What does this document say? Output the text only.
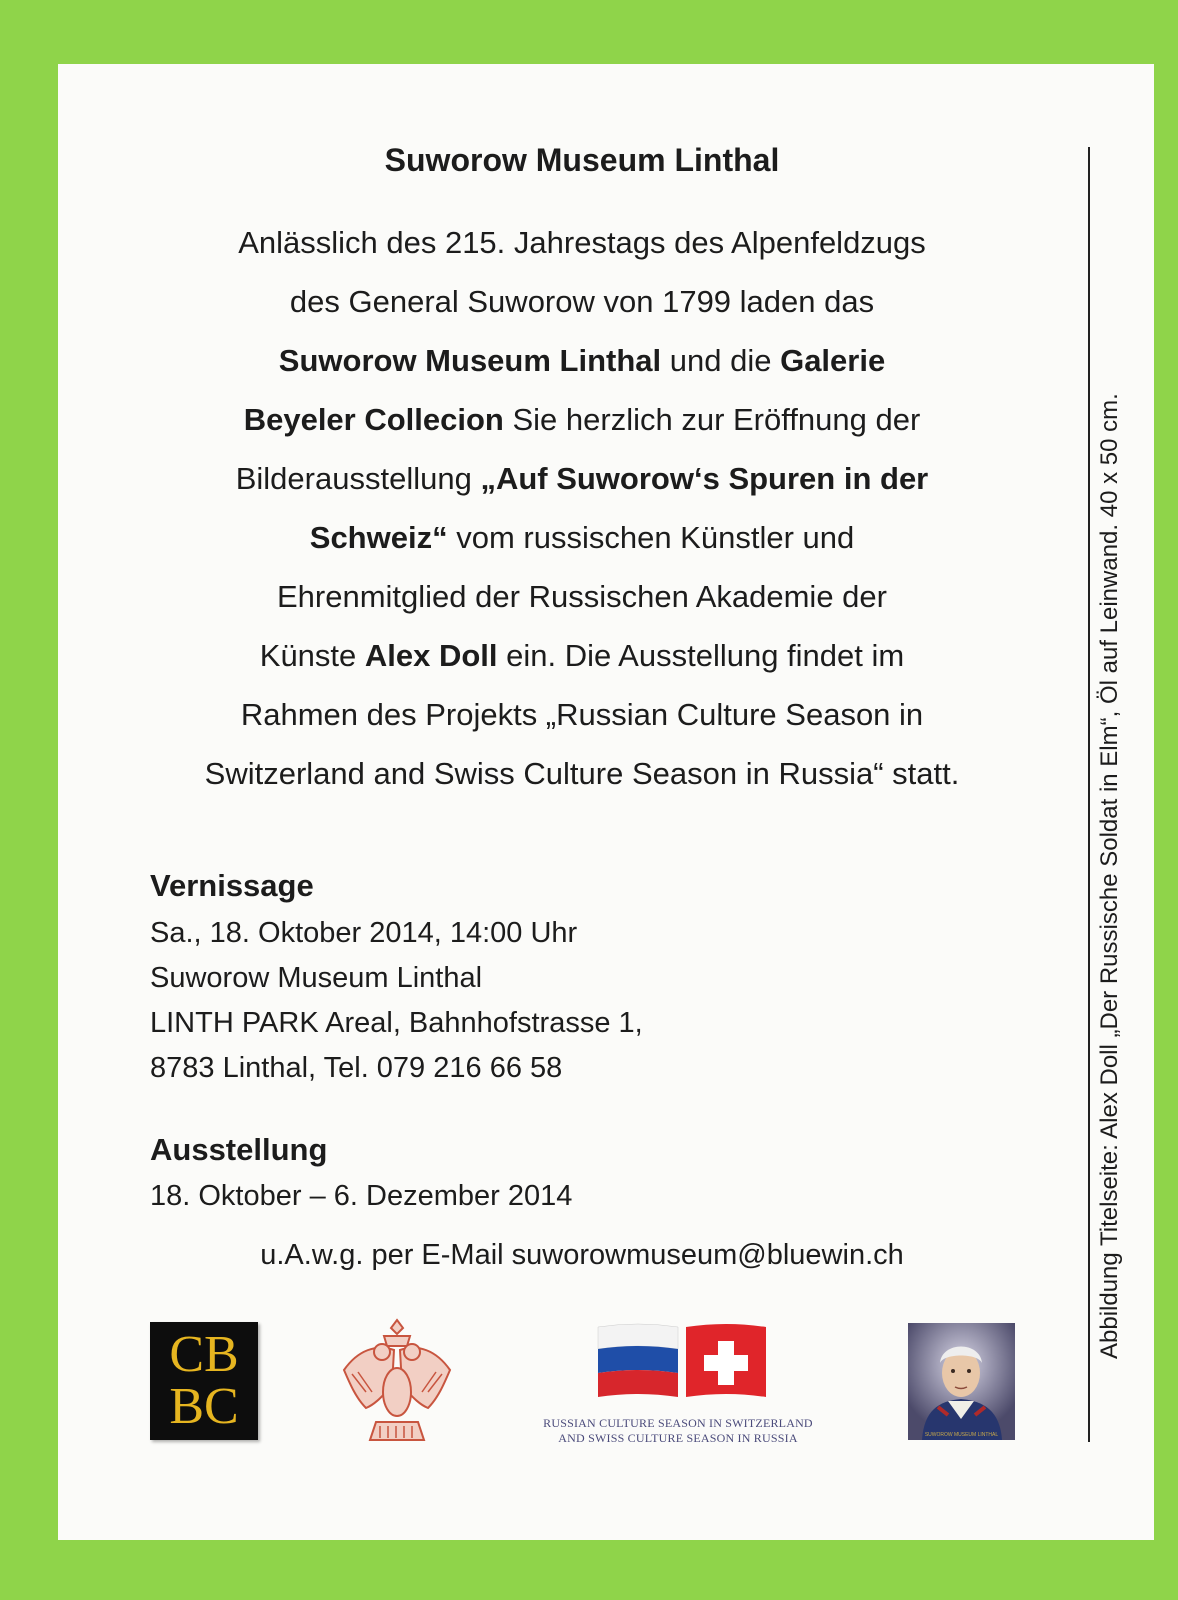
Suworow Museum Linthal

Anlässlich des 215. Jahrestags des Alpenfeldzugs

des General Suworow von 1799 laden das

Suworow Museum Linthal und die Galerie

Beyeler Collecion Sie herzlich zur Eröffnung der

Bilderausstellung „Auf Suworow‘s Spuren in der

Schweiz“ vom russischen Künstler und

Ehrenmitglied der Russischen Akademie der

Künste Alex Doll ein. Die Ausstellung findet im

Rahmen des Projekts „Russian Culture Season in

Switzerland and Swiss Culture Season in Russia“ statt.

Vernissage
Sa., 18. Oktober 2014, 14:00 Uhr
Suworow Museum Linthal
LINTH PARK Areal, Bahnhofstrasse 1,
8783 Linthal, Tel. 079 216 66 58
Ausstellung
18. Oktober – 6. Dezember 2014
u.A.w.g. per E-Mail suworowmuseum@bluewin.ch	Abbildung Titelseite: Alex Doll „Der Russische Soldat in Elm“, Öl auf Leinwand. 40 x 50 cm.
CB
BC	RUSSIAN CULTURE SEASON IN SWITZERLAND
AND SWISS CULTURE SEASON IN RUSSIA	SUWOROW MUSEUM LINTHAL
